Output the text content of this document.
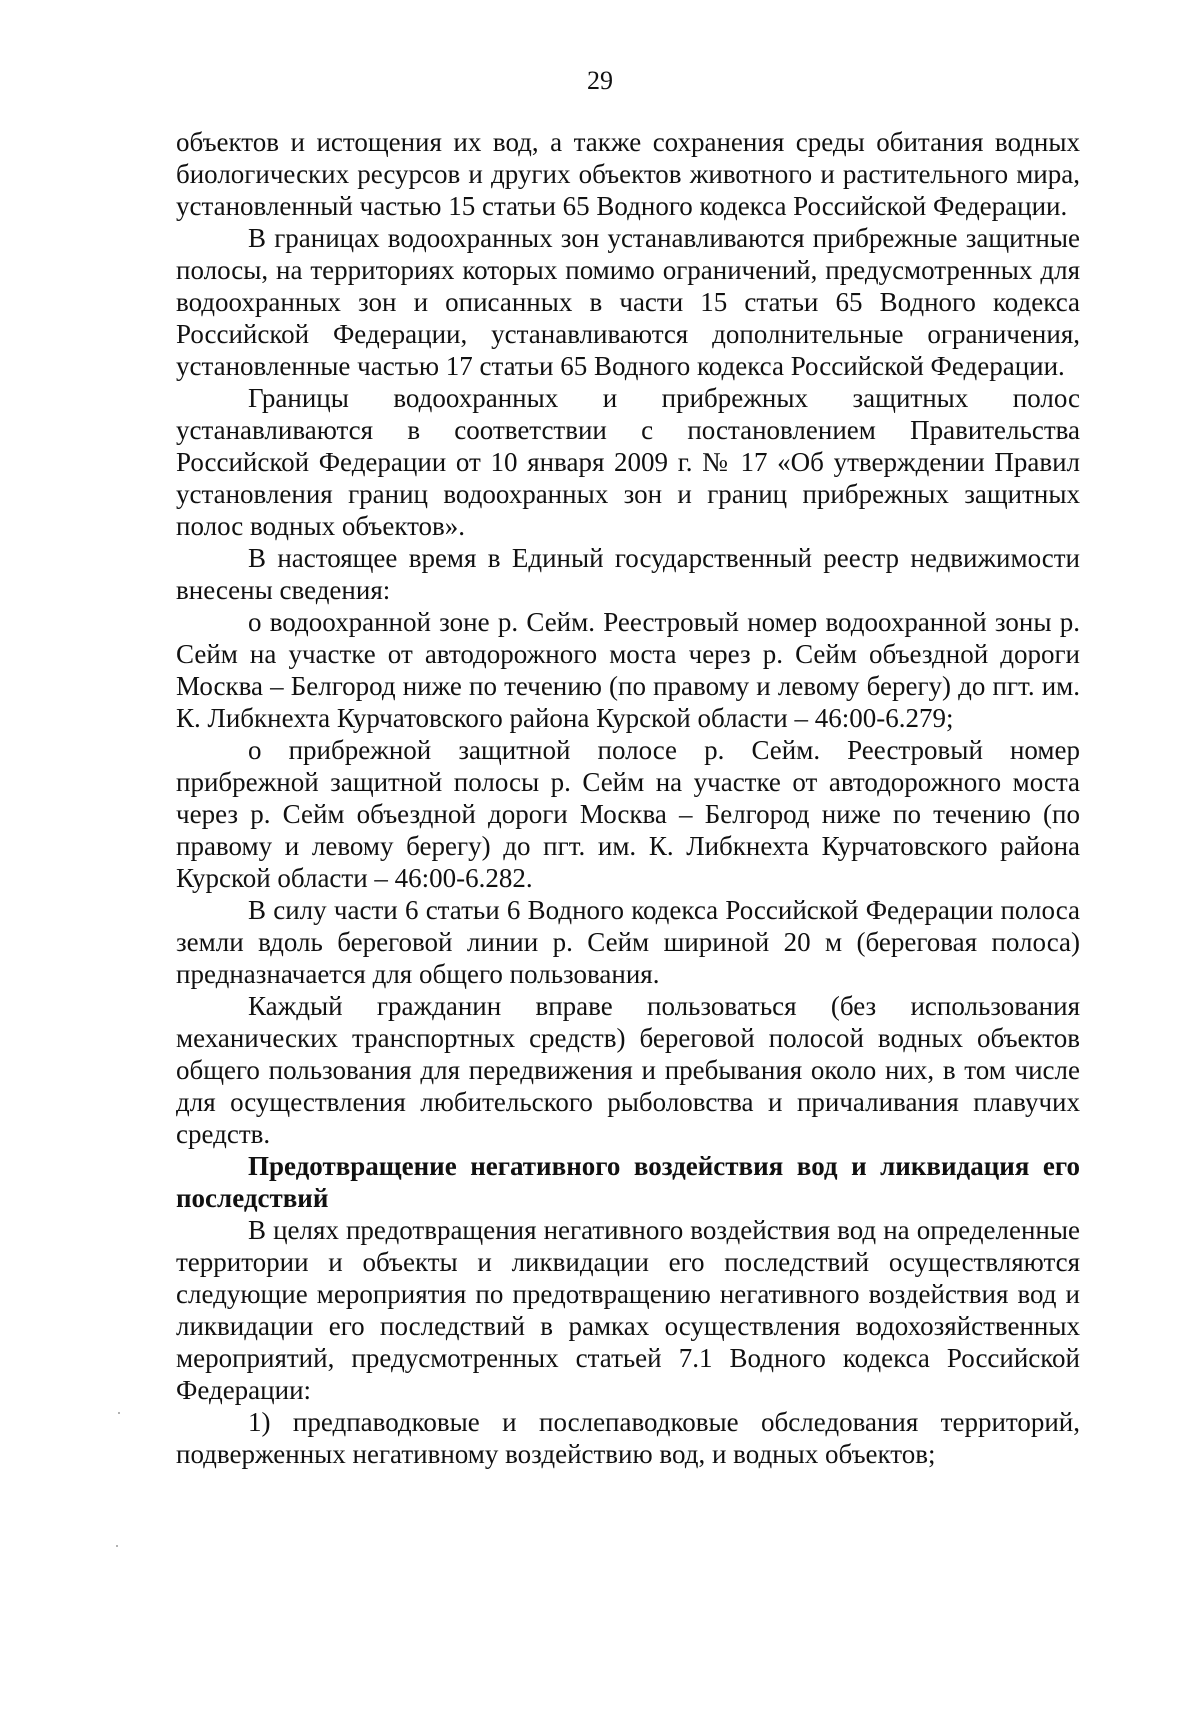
29

объектов и истощения их вод, а также сохранения среды обитания водных биологических ресурсов и других объектов животного и растительного мира, установленный частью 15 статьи 65 Водного кодекса Российской Федерации.

В границах водоохранных зон устанавливаются прибрежные защитные полосы, на территориях которых помимо ограничений, предусмотренных для водоохранных зон и описанных в части 15 статьи 65 Водного кодекса Российской Федерации, устанавливаются дополнительные ограничения, установленные частью 17 статьи 65 Водного кодекса Российской Федерации.

Границы водоохранных и прибрежных защитных полос устанавливаются в соответствии с постановлением Правительства Российской Федерации от 10 января 2009 г. № 17 «Об утверждении Правил установления границ водоохранных зон и границ прибрежных защитных полос водных объектов».

В настоящее время в Единый государственный реестр недвижимости внесены сведения:

о водоохранной зоне р. Сейм. Реестровый номер водоохранной зоны р. Сейм на участке от автодорожного моста через р. Сейм объездной дороги Москва – Белгород ниже по течению (по правому и левому берегу) до пгт. им. К. Либкнехта Курчатовского района Курской области – 46:00-6.279;

о прибрежной защитной полосе р. Сейм. Реестровый номер прибрежной защитной полосы р. Сейм на участке от автодорожного моста через р. Сейм объездной дороги Москва – Белгород ниже по течению (по правому и левому берегу) до пгт. им. К. Либкнехта Курчатовского района Курской области – 46:00-6.282.

В силу части 6 статьи 6 Водного кодекса Российской Федерации полоса земли вдоль береговой линии р. Сейм шириной 20 м (береговая полоса) предназначается для общего пользования.

Каждый гражданин вправе пользоваться (без использования механических транспортных средств) береговой полосой водных объектов общего пользования для передвижения и пребывания около них, в том числе для осуществления любительского рыболовства и причаливания плавучих средств.

Предотвращение негативного воздействия вод и ликвидация его последствий

В целях предотвращения негативного воздействия вод на определенные территории и объекты и ликвидации его последствий осуществляются следующие мероприятия по предотвращению негативного воздействия вод и ликвидации его последствий в рамках осуществления водохозяйственных мероприятий, предусмотренных статьей 7.1 Водного кодекса Российской Федерации:

1) предпаводковые и послепаводковые обследования территорий, подверженных негативному воздействию вод, и водных объектов;
